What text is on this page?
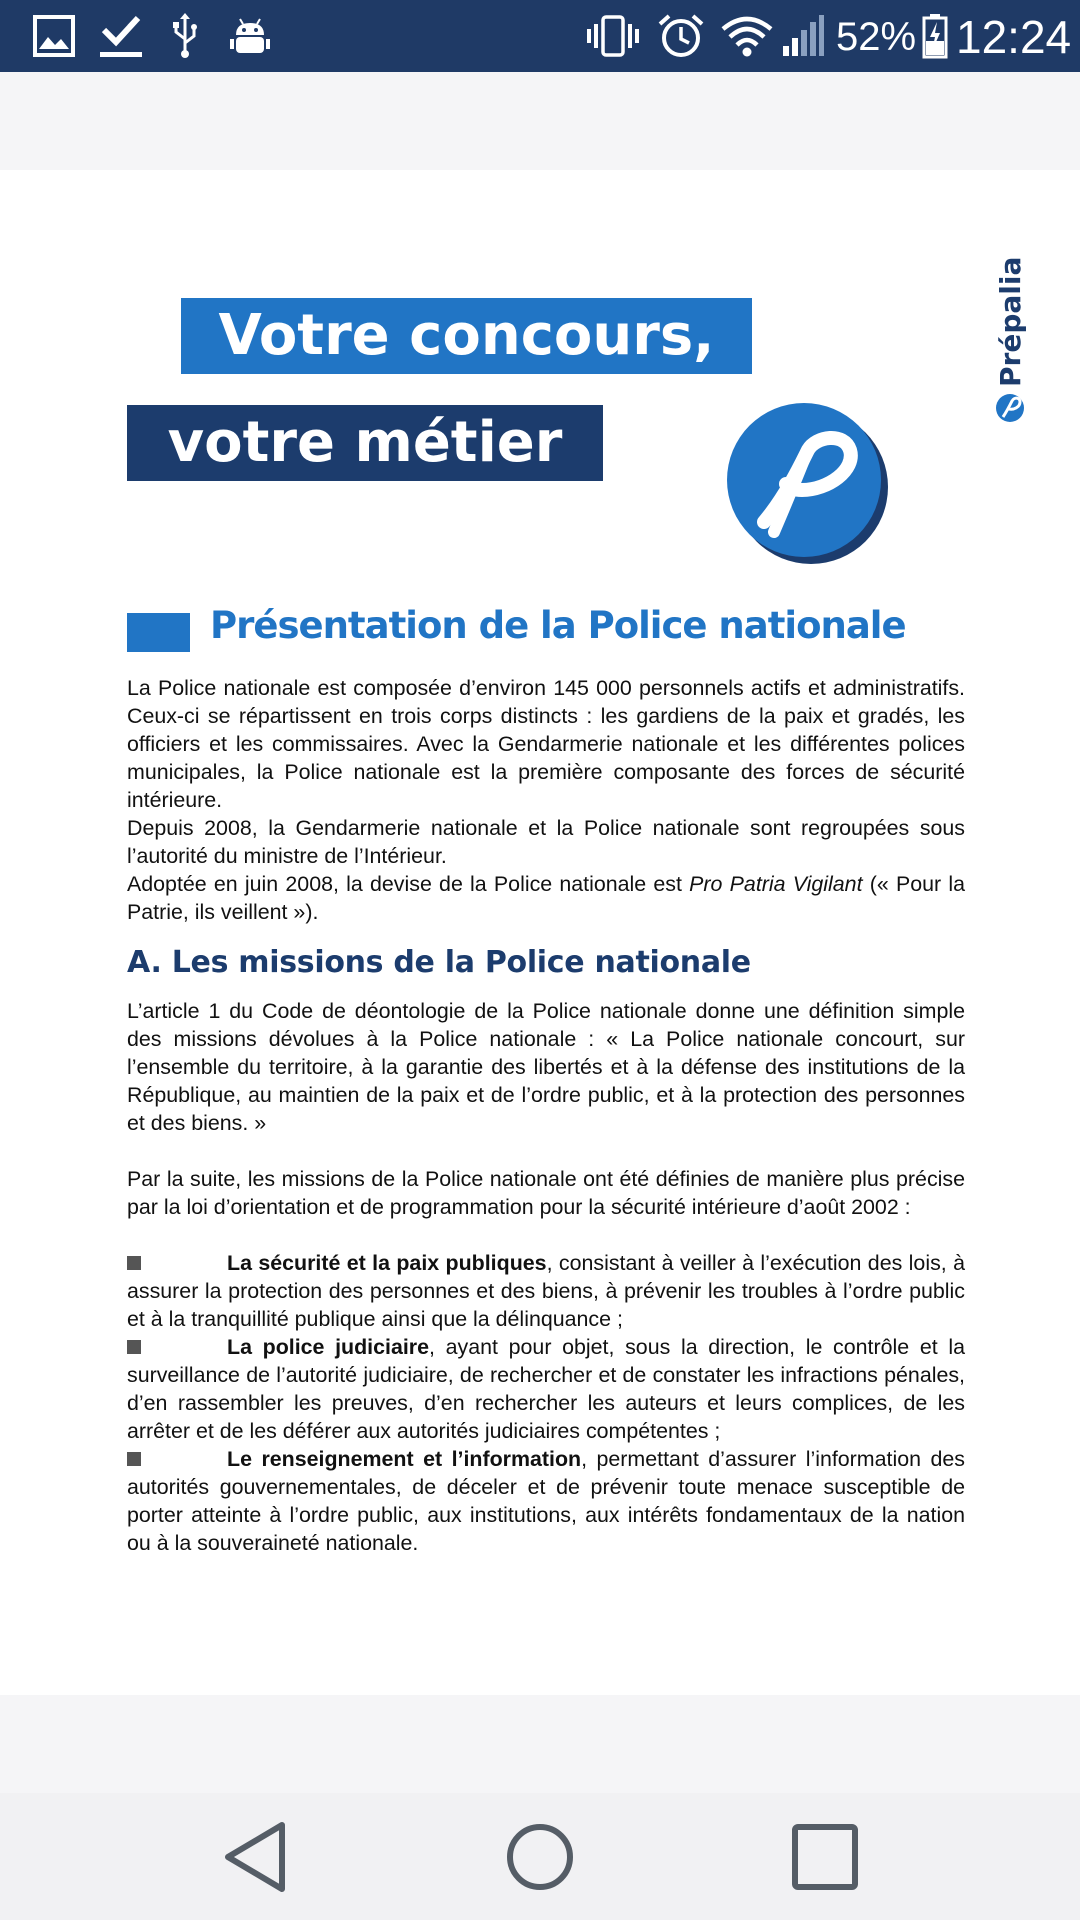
52% 12:24
Votre concours,
votre métier
Prépalia
Présentation de la Police nationale

La Police nationale est composée d’environ 145 000 personnels actifs et administratifs. Ceux-ci se répartissent en trois corps distincts : les gardiens de la paix et gradés, les officiers et les commissaires. Avec la Gendarmerie nationale et les différentes polices municipales, la Police nationale est la première composante des forces de sécurité intérieure.

Depuis 2008, la Gendarmerie nationale et la Police nationale sont regroupées sous l’autorité du ministre de l’Intérieur.

Adoptée en juin 2008, la devise de la Police nationale est Pro Patria Vigilant (« Pour la Patrie, ils veillent »).

A. Les missions de la Police nationale

L’article 1 du Code de déontologie de la Police nationale donne une définition simple des missions dévolues à la Police nationale : « La Police nationale concourt, sur l’ensemble du territoire, à la garantie des libertés et à la défense des institutions de la République, au maintien de la paix et de l’ordre public, et à la protection des personnes et des biens. »

Par la suite, les missions de la Police nationale ont été définies de manière plus précise par la loi d’orientation et de programmation pour la sécurité intérieure d’août 2002 :

La sécurité et la paix publiques, consistant à veiller à l’exécution des lois, à assurer la protection des personnes et des biens, à prévenir les troubles à l’ordre public et à la tranquillité publique ainsi que la délinquance ;

La police judiciaire, ayant pour objet, sous la direction, le contrôle et la surveillance de l’autorité judiciaire, de rechercher et de constater les infractions pénales, d’en rassembler les preuves, d’en rechercher les auteurs et leurs complices, de les arrêter et de les déférer aux autorités judiciaires compétentes ;

Le renseignement et l’information, permettant d’assurer l’information des autorités gouvernementales, de déceler et de prévenir toute menace susceptible de porter atteinte à l’ordre public, aux institutions, aux intérêts fondamentaux de la nation ou à la souveraineté nationale.
